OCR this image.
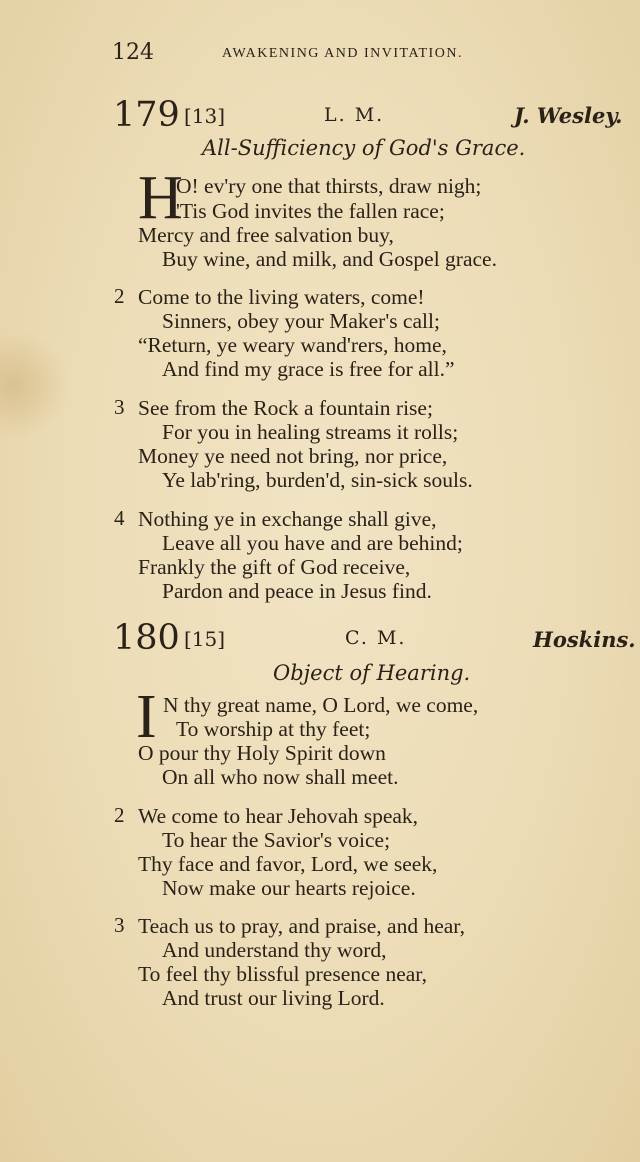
124	AWAKENING AND INVITATION.
179 [13]	L. M.	J. Wesley.
All-Sufficiency of God's Grace.
H
O! ev'ry one that thirsts, draw nigh;
'Tis God invites the fallen race;
Mercy and free salvation buy,
Buy wine, and milk, and Gospel grace.
2 Come to the living waters, come!
Sinners, obey your Maker's call;
“Return, ye weary wand'rers, home,
And find my grace is free for all.”
3 See from the Rock a fountain rise;
For you in healing streams it rolls;
Money ye need not bring, nor price,
Ye lab'ring, burden'd, sin-sick souls.
4 Nothing ye in exchange shall give,
Leave all you have and are behind;
Frankly the gift of God receive,
Pardon and peace in Jesus find.
180 [15]	C. M.	Hoskins.
Object of Hearing.
I N thy great name, O Lord, we come,
To worship at thy feet;
O pour thy Holy Spirit down
On all who now shall meet.
2 We come to hear Jehovah speak,
To hear the Savior's voice;
Thy face and favor, Lord, we seek,
Now make our hearts rejoice.
3 Teach us to pray, and praise, and hear,
And understand thy word,
To feel thy blissful presence near,
And trust our living Lord.
